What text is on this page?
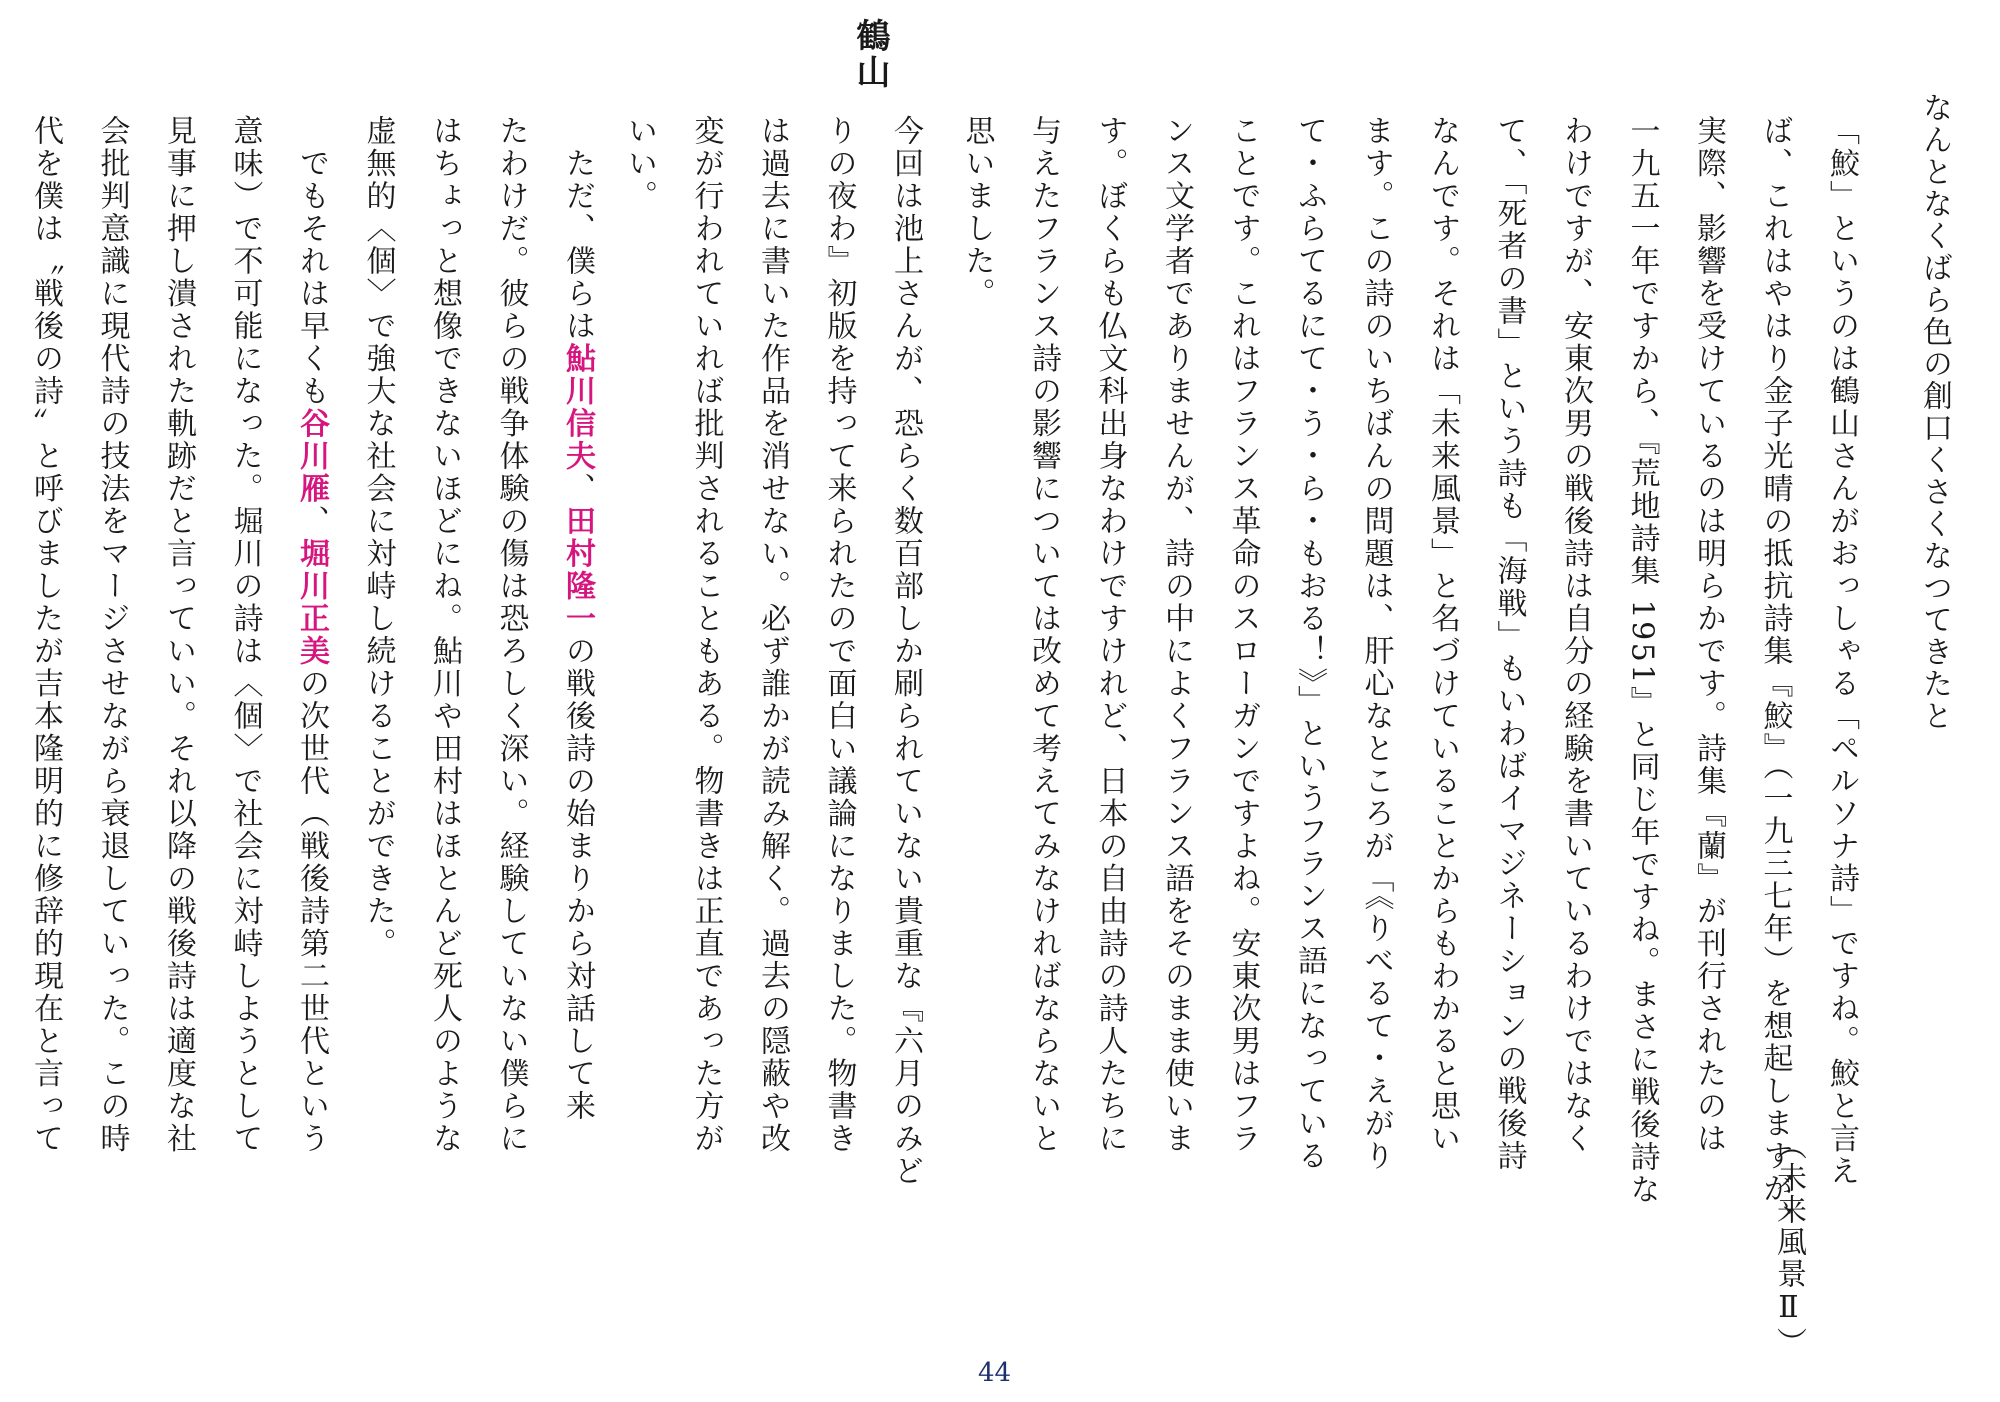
なんとなくばら色の創口くさくなつてきたと
（未来風景Ⅱ）
「鮫」というのは鶴山さんがおっしゃる「ペルソナ詩」ですね。鮫と言え
ば、これはやはり金子光晴の抵抗詩集『鮫』（一九三七年）を想起しますが、
実際、影響を受けているのは明らかです。詩集『蘭』が刊行されたのは
一九五一年ですから、『荒地詩集 1951』と同じ年ですね。まさに戦後詩な
わけですが、安東次男の戦後詩は自分の経験を書いているわけではなく
て、「死者の書」という詩も「海戦」もいわばイマジネーションの戦後詩
なんです。それは「未来風景」と名づけていることからもわかると思い
ます。この詩のいちばんの問題は、肝心なところが「《りべるて・えがり
て・ふらてるにて・う・ら・もおる！》」というフランス語になっている
ことです。これはフランス革命のスローガンですよね。安東次男はフラ
ンス文学者でありませんが、詩の中によくフランス語をそのまま使いま
す。ぼくらも仏文科出身なわけですけれど、日本の自由詩の詩人たちに
与えたフランス詩の影響については改めて考えてみなければならないと
思いました。
鶴山
今回は池上さんが、恐らく数百部しか刷られていない貴重な『六月のみど
りの夜わ』初版を持って来られたので面白い議論になりました。物書き
は過去に書いた作品を消せない。必ず誰かが読み解く。過去の隠蔽や改
変が行われていれば批判されることもある。物書きは正直であった方が
いい。
　ただ、僕らは鮎川信夫、田村隆一の戦後詩の始まりから対話して来
たわけだ。彼らの戦争体験の傷は恐ろしく深い。経験していない僕らに
はちょっと想像できないほどにね。鮎川や田村はほとんど死人のような
虚無的〈個〉で強大な社会に対峙し続けることができた。
　でもそれは早くも谷川雁、堀川正美の次世代（戦後詩第二世代という
意味）で不可能になった。堀川の詩は〈個〉で社会に対峙しようとして
見事に押し潰された軌跡だと言っていい。それ以降の戦後詩は適度な社
会批判意識に現代詩の技法をマージさせながら衰退していった。この時
代を僕は〝戦後の詩〟と呼びましたが吉本隆明的に修辞的現在と言って
44
